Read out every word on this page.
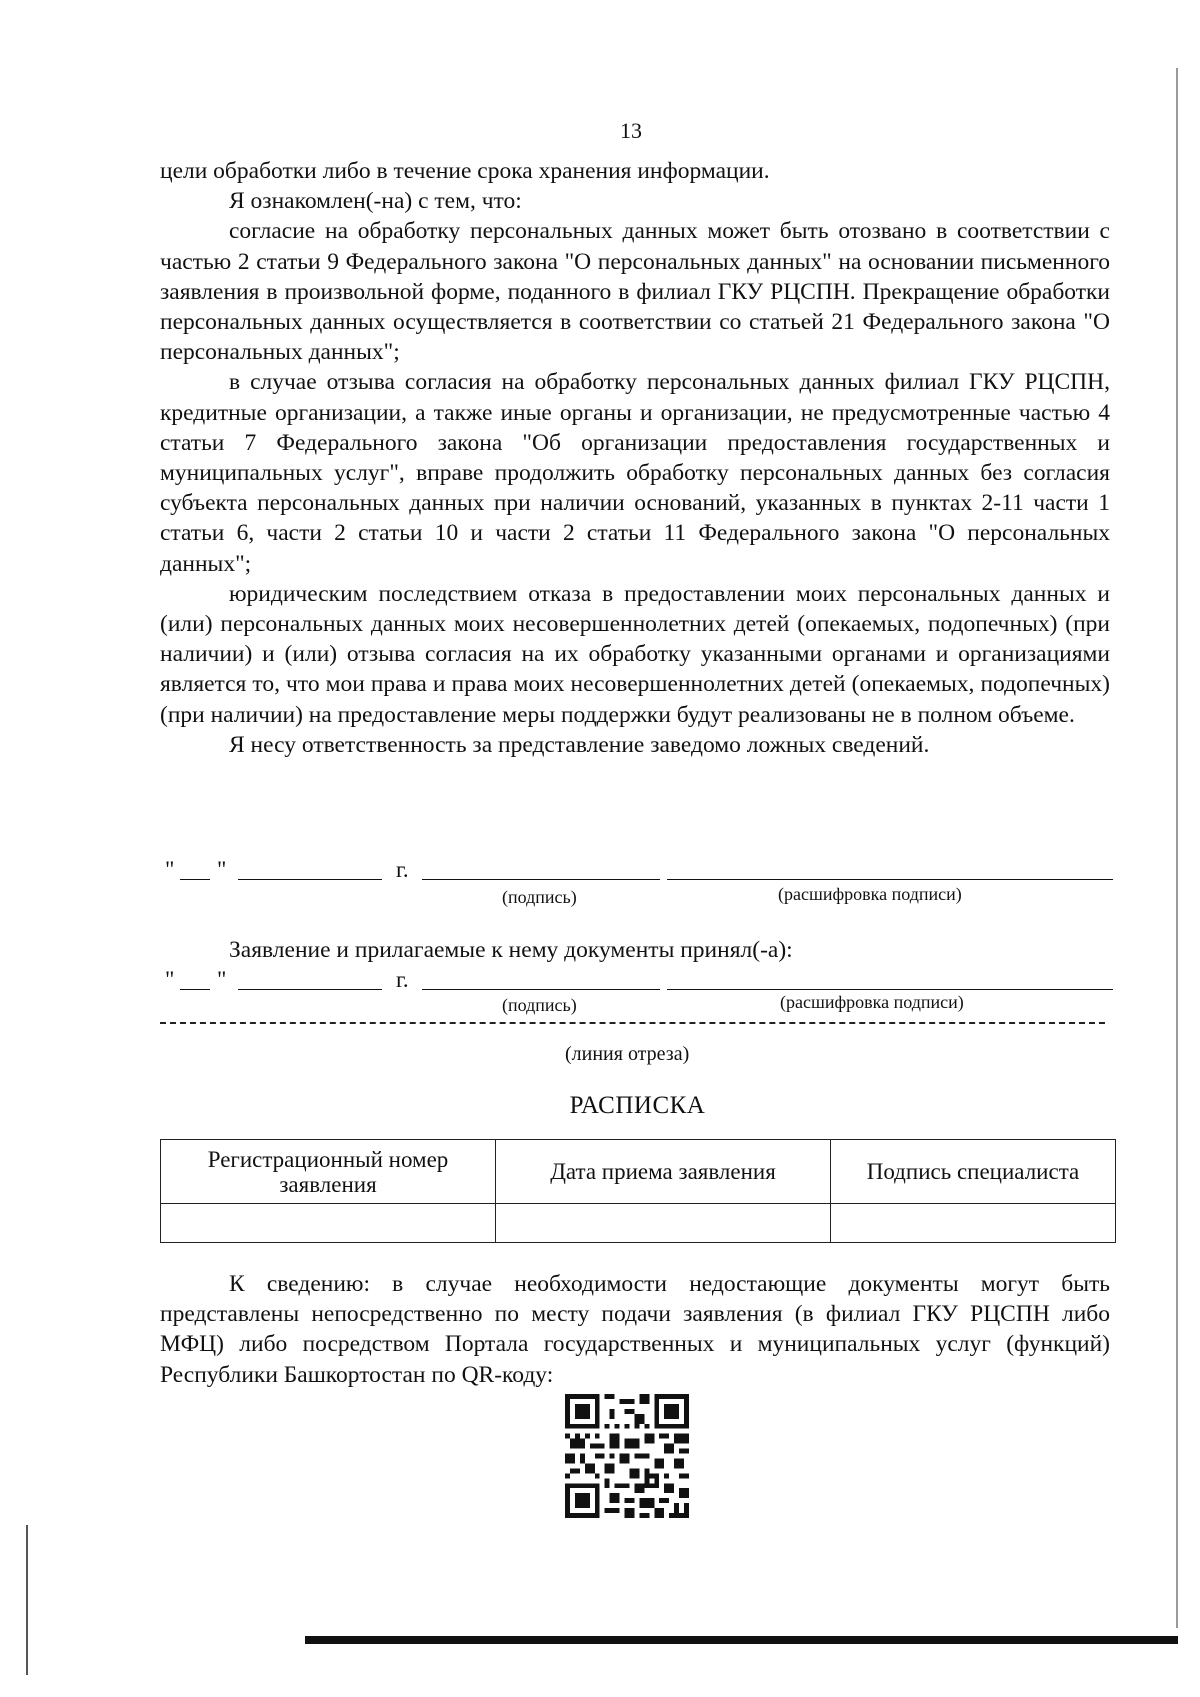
13

цели обработки либо в течение срока хранения информации.

Я ознакомлен(-на) с тем, что:

согласие на обработку персональных данных может быть отозвано в соответствии с частью 2 статьи 9 Федерального закона "О персональных данных" на основании письменного заявления в произвольной форме, поданного в филиал ГКУ РЦСПН. Прекращение обработки персональных данных осуществляется в соответствии со статьей 21 Федерального закона "О персональных данных";

в случае отзыва согласия на обработку персональных данных филиал ГКУ РЦСПН, кредитные организации, а также иные органы и организации, не предусмотренные частью 4 статьи 7 Федерального закона "Об организации предоставления государственных и муниципальных услуг", вправе продолжить обработку персональных данных без согласия субъекта персональных данных при наличии оснований, указанных в пунктах 2-11 части 1 статьи 6, части 2 статьи 10 и части 2 статьи 11 Федерального закона "О персональных данных";

юридическим последствием отказа в предоставлении моих персональных данных и (или) персональных данных моих несовершеннолетних детей (опекаемых, подопечных) (при наличии) и (или) отзыва согласия на их обработку указанными органами и организациями является то, что мои права и права моих несовершеннолетних детей (опекаемых, подопечных) (при наличии) на предоставление меры поддержки будут реализованы не в полном объеме.

Я несу ответственность за представление заведомо ложных сведений.

" "	г.
(подпись)	(расшифровка подписи)

Заявление и прилагаемые к нему документы принял(-а):

" "	г.
(подпись)	(расшифровка подписи)
(линия отреза)
РАСПИСКА
Регистрационный номер заявления	Дата приема заявления	Подпись специалиста

К сведению: в случае необходимости недостающие документы могут быть представлены непосредственно по месту подачи заявления (в филиал ГКУ РЦСПН либо МФЦ) либо посредством Портала государственных и муниципальных услуг (функций) Республики Башкортостан по QR-коду:
